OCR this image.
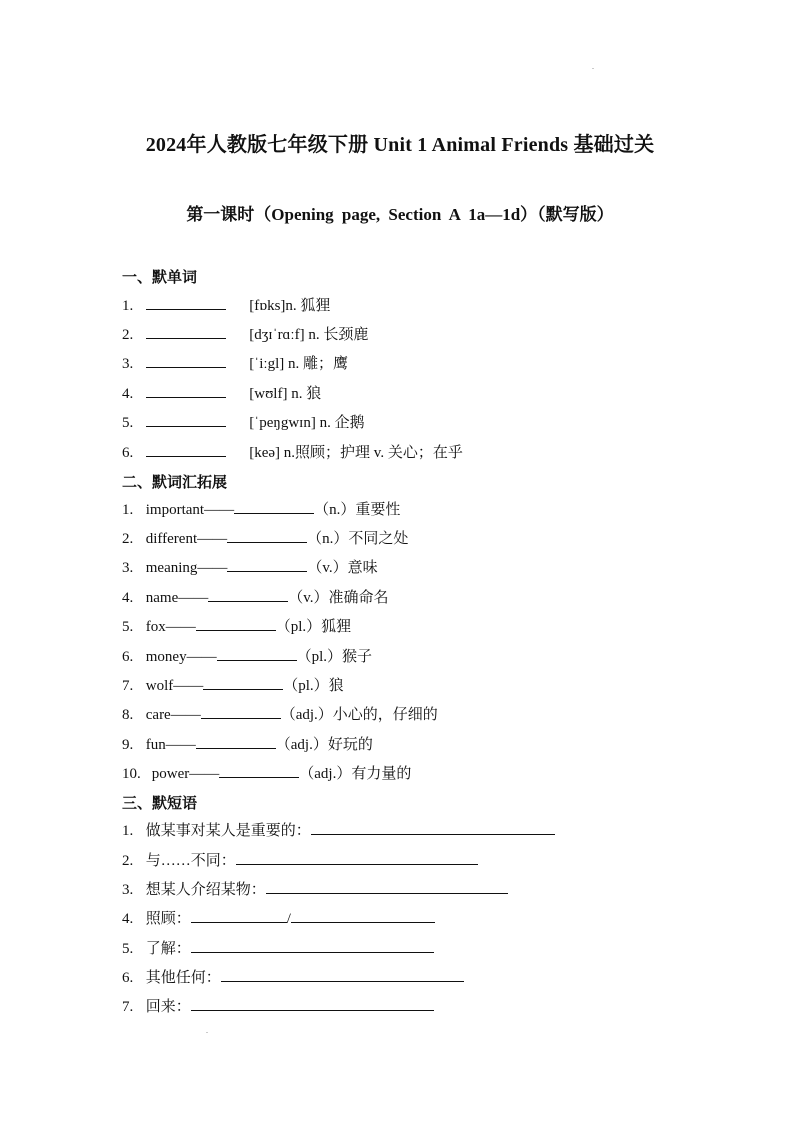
.
2024年人教版七年级下册 Unit 1 Animal Friends 基础过关
第一课时（Opening page, Section A 1a—1d）（默写版）
一、默单词
1.	[fɒks]n. 狐狸
2.	[dʒɪˈrɑːf] n. 长颈鹿
3.	[ˈiːgl] n. 雕；鹰
4.	[wʊlf] n. 狼
5.	[ˈpeŋgwɪn] n. 企鹅
6.	[keə] n.照顾；护理 v. 关心；在乎
二、默词汇拓展
1. important——	（n.）重要性
2. different——	（n.）不同之处
3. meaning——	（v.）意味
4. name——	（v.）准确命名
5. fox——	（pl.）狐狸
6. money——	（pl.）猴子
7. wolf——	（pl.）狼
8. care——	（adj.）小心的，仔细的
9. fun——	（adj.）好玩的
10. power——	（adj.）有力量的
三、默短语
1. 做某事对某人是重要的：
2. 与……不同：
3. 想某人介绍某物：
4. 照顾：	/
5. 了解：
6. 其他任何：
7. 回来：
.
